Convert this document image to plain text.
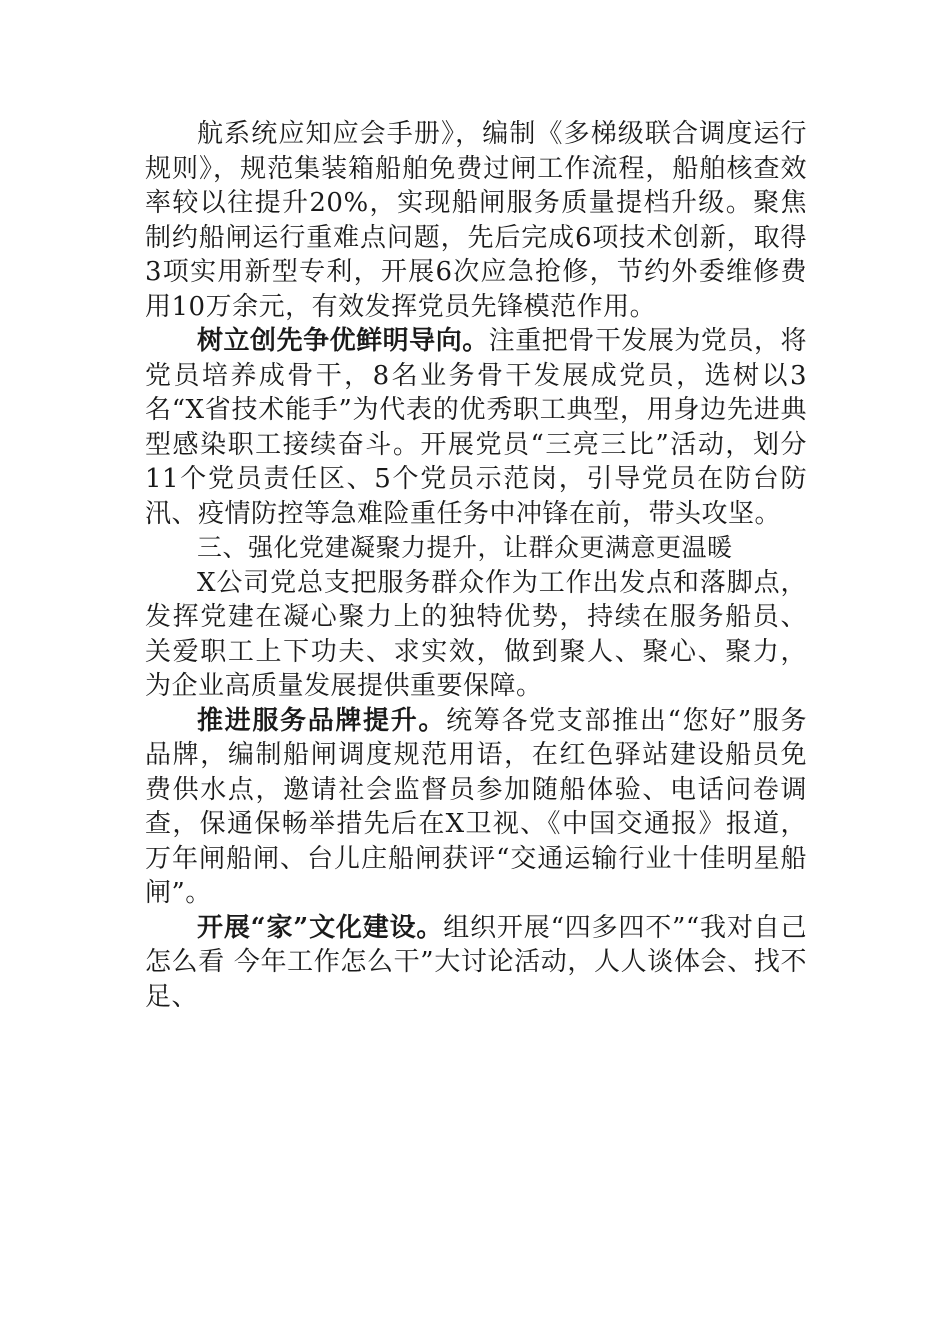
航系统应知应会手册》，编制《多梯级联合调度运行规则》，规范集装箱船舶免费过闸工作流程，船舶核查效率较以往提升20%，实现船闸服务质量提档升级。聚焦制约船闸运行重难点问题，先后完成6项技术创新，取得3项实用新型专利，开展6次应急抢修，节约外委维修费用10万余元，有效发挥党员先锋模范作用。

树立创先争优鲜明导向。注重把骨干发展为党员，将党员培养成骨干，8名业务骨干发展成党员，选树以3名“X省技术能手”为代表的优秀职工典型，用身边先进典型感染职工接续奋斗。开展党员“三亮三比”活动，划分11个党员责任区、5个党员示范岗，引导党员在防台防汛、疫情防控等急难险重任务中冲锋在前，带头攻坚。

三、强化党建凝聚力提升，让群众更满意更温暖

X公司党总支把服务群众作为工作出发点和落脚点，发挥党建在凝心聚力上的独特优势，持续在服务船员、关爱职工上下功夫、求实效，做到聚人、聚心、聚力，为企业高质量发展提供重要保障。

推进服务品牌提升。统筹各党支部推出“您好”服务品牌，编制船闸调度规范用语，在红色驿站建设船员免费供水点，邀请社会监督员参加随船体验、电话问卷调查，保通保畅举措先后在X卫视、《中国交通报》报道，万年闸船闸、台儿庄船闸获评“交通运输行业十佳明星船闸”。

开展“家”文化建设。组织开展“四多四不”“我对自己怎么看 今年工作怎么干”大讨论活动，人人谈体会、找不足、
